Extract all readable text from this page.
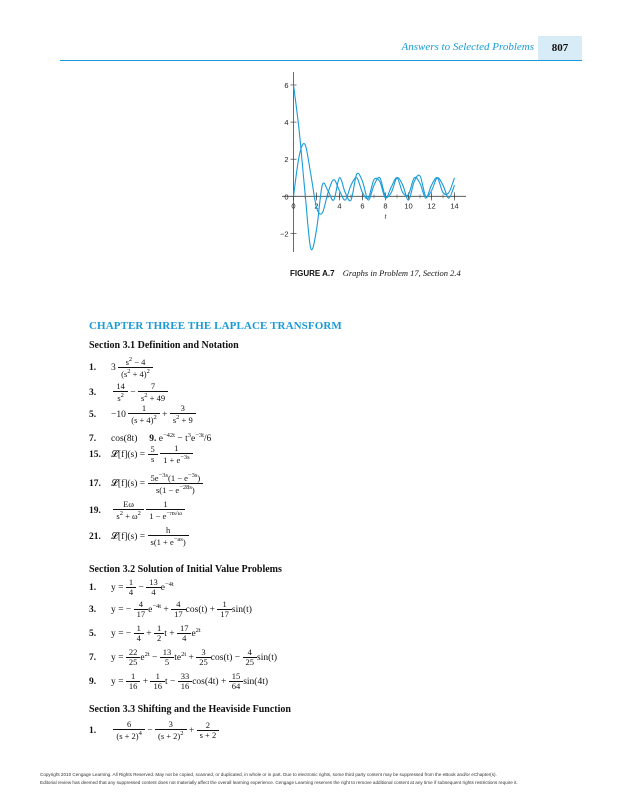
Answers to Selected Problems	807
−2
0
2
4
6
0	2	4	6	8 10 12 14
t
FIGURE A.7 Graphs in Problem 17, Section 2.4
CHAPTER THREE THE LAPLACE TRANSFORM
Section 3.1 Definition and Notation
1. $3 \frac{s^2 - 4}{(s^2 + 4)^2}$
3. $\frac{14}{s^2} - \frac{7}{s^2 + 49}$
5. $-10 \frac{1}{(s + 4)^2} + \frac{3}{s^2 + 9}$
7. cos(8t) 9. $e^{-42t} - t^3e^{-3t}/6$
15. 𝓛[f](s) = $\frac{5}{s}$
$\frac{1}{1 + e^{-3s}}$
17. 𝓛[f](s) = $\frac{5e^{-3s}(1 - e^{-3s})}{s(1 - e^{-28s})}$
19. $\frac{E\omega}{s^2 + \omega^2}$
$\frac{1}{1 - e^{-\pi s/\omega}}$
21. 𝓛[f](s) = $\frac{h}{s(1 + e^{-as})}$
Section 3.2 Solution of Initial Value Problems
1. $y = \frac{1}{4} - \frac{13}{4} e^{-4t}$
3. y = − $\frac{4}{17} e^{-4t} + \frac{4}{17} \cos(t) + \frac{1}{17} \sin(t)$
5. y = − $\frac{1}{4} + \frac{1}{2}$ $t + \frac{17}{4} e^{2t}$
7. $y = \frac{22}{25} e^{2t} - \frac{13}{5} te^{2t} + \frac{3}{25} \cos(t) - \frac{4}{25} \sin(t)$
9. $y = \frac{1}{16} + \frac{1}{16}$ $t - \frac{33}{16} \cos(4t) + \frac{15}{64} \sin(4t)$
Section 3.3 Shifting and the Heaviside Function
1. $\frac{6}{(s + 2)^4} - \frac{3}{(s + 2)^2} + \frac{2}{s + 2}$
Copyright 2010 Cengage Learning. All Rights Reserved. May not be copied, scanned, or duplicated, in whole or in part. Due to electronic rights, some third party content may be suppressed from the eBook and/or eChapter(s).
Editorial review has deemed that any suppressed content does not materially affect the overall learning experience. Cengage Learning reserves the right to remove additional content at any time if subsequent rights restrictions require it.
